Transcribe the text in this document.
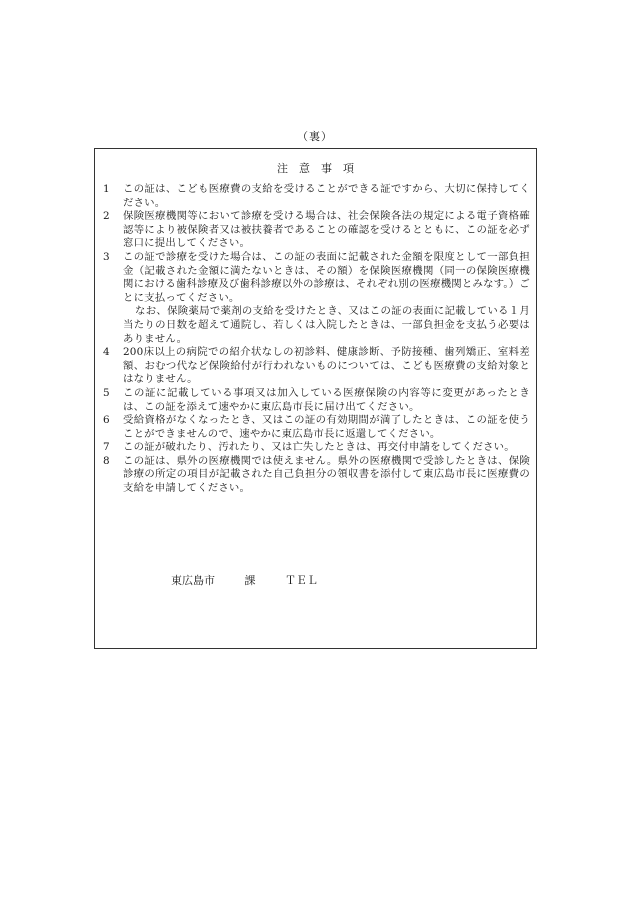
（裏）
注　意　事　項
1	この証は、こども医療費の支給を受けることができる証ですから、大切に保持してください。
2	保険医療機関等において診療を受ける場合は、社会保険各法の規定による電子資格確認等により被保険者又は被扶養者であることの確認を受けるとともに、この証を必ず窓口に提出してください。
3	この証で診療を受けた場合は、この証の表面に記載された金額を限度として一部負担金（記載された金額に満たないときは、その額）を保険医療機関（同一の保険医療機関における歯科診療及び歯科診療以外の診療は、それぞれ別の医療機関とみなす。）ごとに支払ってください。
なお、保険薬局で薬剤の支給を受けたとき、又はこの証の表面に記載している１月当たりの日数を超えて通院し、若しくは入院したときは、一部負担金を支払う必要はありません。
4	200床以上の病院での紹介状なしの初診料、健康診断、予防接種、歯列矯正、室料差額、おむつ代など保険給付が行われないものについては、こども医療費の支給対象とはなりません。
5	この証に記載している事項又は加入している医療保険の内容等に変更があったときは、この証を添えて速やかに東広島市長に届け出てください。
6	受給資格がなくなったとき、又はこの証の有効期間が満了したときは、この証を使うことができませんので、速やかに東広島市長に返還してください。
7	この証が破れたり、汚れたり、又は亡失したときは、再交付申請をしてください。
8	この証は、県外の医療機関では使えません。県外の医療機関で受診したときは、保険診療の所定の項目が記載された自己負担分の領収書を添付して東広島市長に医療費の支給を申請してください。
東広島市	課	ＴＥＬ
